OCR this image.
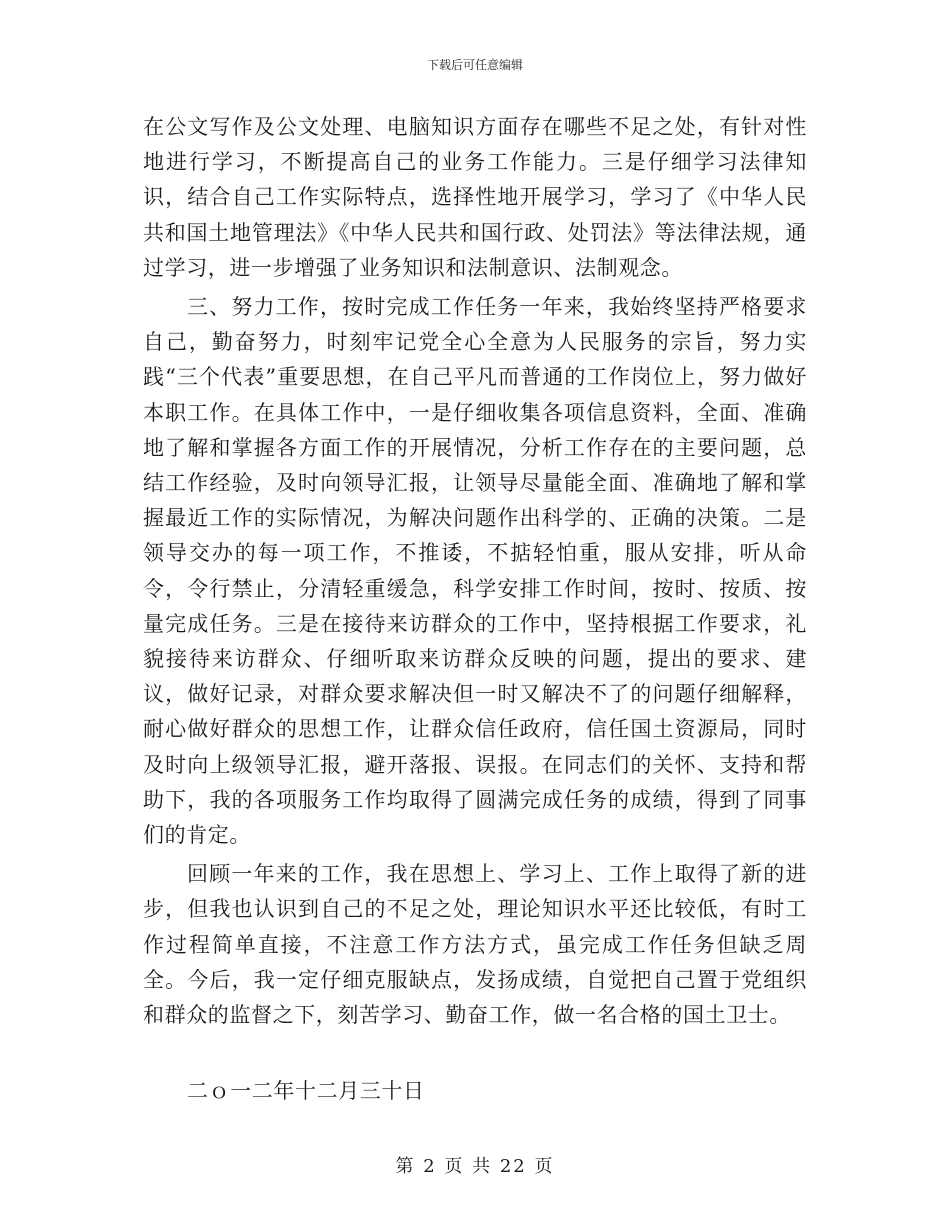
下载后可任意编辑

在公文写作及公文处理、电脑知识方面存在哪些不足之处，有针对性地进行学习，不断提高自己的业务工作能力。三是仔细学习法律知识，结合自己工作实际特点，选择性地开展学习，学习了《中华人民共和国土地管理法》《中华人民共和国行政、处罚法》等法律法规，通过学习，进一步增强了业务知识和法制意识、法制观念。

三、努力工作，按时完成工作任务一年来，我始终坚持严格要求自己，勤奋努力，时刻牢记党全心全意为人民服务的宗旨，努力实践“三个代表”重要思想，在自己平凡而普通的工作岗位上，努力做好本职工作。在具体工作中，一是仔细收集各项信息资料，全面、准确地了解和掌握各方面工作的开展情况，分析工作存在的主要问题，总结工作经验，及时向领导汇报，让领导尽量能全面、准确地了解和掌握最近工作的实际情况，为解决问题作出科学的、正确的决策。二是领导交办的每一项工作，不推诿，不掂轻怕重，服从安排，听从命令，令行禁止，分清轻重缓急，科学安排工作时间，按时、按质、按量完成任务。三是在接待来访群众的工作中，坚持根据工作要求，礼貌接待来访群众、仔细听取来访群众反映的问题，提出的要求、建议，做好记录，对群众要求解决但一时又解决不了的问题仔细解释，耐心做好群众的思想工作，让群众信任政府，信任国土资源局，同时及时向上级领导汇报，避开落报、误报。在同志们的关怀、支持和帮助下，我的各项服务工作均取得了圆满完成任务的成绩，得到了同事们的肯定。

回顾一年来的工作，我在思想上、学习上、工作上取得了新的进步，但我也认识到自己的不足之处，理论知识水平还比较低，有时工作过程简单直接，不注意工作方法方式，虽完成工作任务但缺乏周全。今后，我一定仔细克服缺点，发扬成绩，自觉把自己置于党组织和群众的监督之下，刻苦学习、勤奋工作，做一名合格的国土卫士。

二ｏ一二年十二月三十日
第 2 页 共 22 页
